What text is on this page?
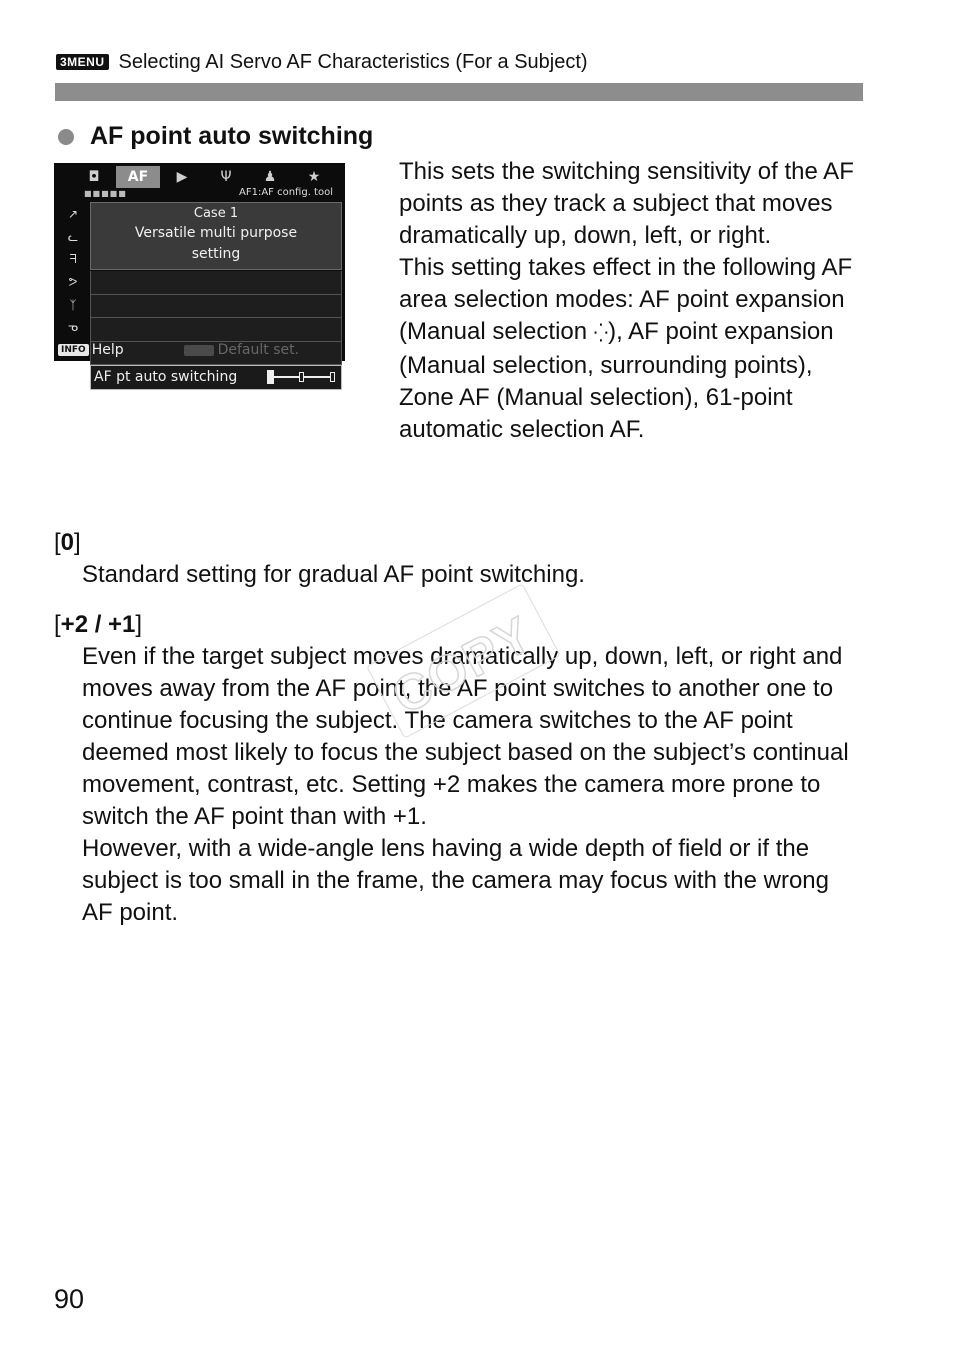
3MENU Selecting AI Servo AF Characteristics (For a Subject)
AF point auto switching
◘	AF	▶	Ψ	♟	★
■■■■■	AF1:AF config. tool
↗
ᓚ
ᖷ
ᕗ
ᛉ
ᓀ
Case 1
Versatile multi purpose
setting
AF pt auto switching
INFO Help	Default set.

This sets the switching sensitivity of the AF points as they track a subject that moves dramatically up, down, left, or right.

This setting takes effect in the following AF area selection modes: AF point expansion (Manual selection ⁛), AF point expansion (Manual selection, surrounding points), Zone AF (Manual selection), 61-point automatic selection AF.

[0]

Standard setting for gradual AF point switching.

[+2 / +1]

Even if the target subject moves dramatically up, down, left, or right and moves away from the AF point, the AF point switches to another one to continue focusing the subject. The camera switches to the AF point deemed most likely to focus the subject based on the subject’s continual movement, contrast, etc. Setting +2 makes the camera more prone to switch the AF point than with +1.

However, with a wide-angle lens having a wide depth of field or if the subject is too small in the frame, the camera may focus with the wrong AF point.

COPY
90
